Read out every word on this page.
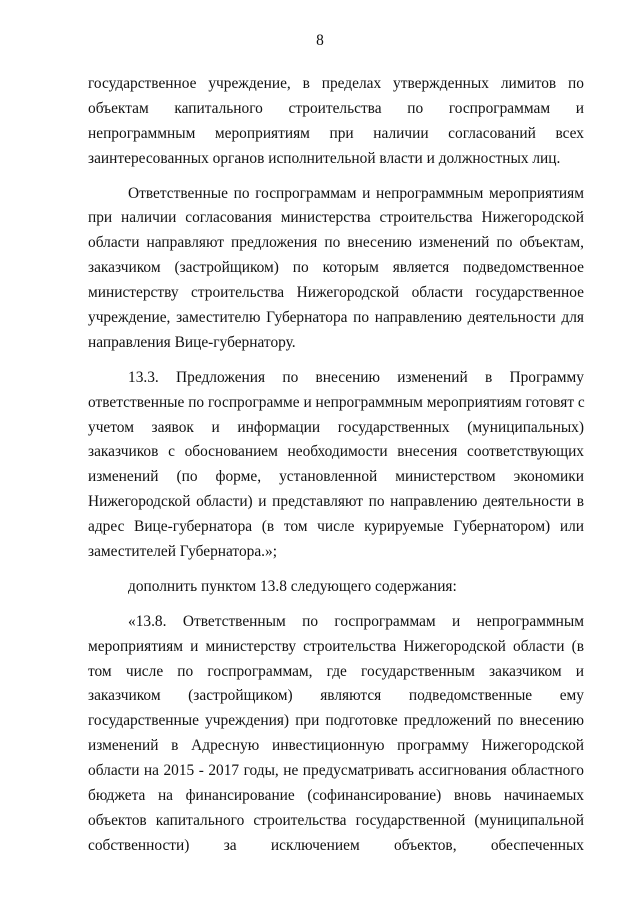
8
государственное учреждение, в пределах утвержденных лимитов по
объектам капитального строительства по госпрограммам и
непрограммным мероприятиям при наличии согласований всех
заинтересованных органов исполнительной власти и должностных лиц.
Ответственные по госпрограммам и непрограммным мероприятиям
при наличии согласования министерства строительства Нижегородской
области направляют предложения по внесению изменений по объектам,
заказчиком (застройщиком) по которым является подведомственное
министерству строительства Нижегородской области государственное
учреждение, заместителю Губернатора по направлению деятельности для
направления Вице-губернатору.
13.3. Предложения по внесению изменений в Программу
ответственные по госпрограмме и непрограммным мероприятиям готовят с
учетом заявок и информации государственных (муниципальных)
заказчиков с обоснованием необходимости внесения соответствующих
изменений (по форме, установленной министерством экономики
Нижегородской области) и представляют по направлению деятельности в
адрес Вице-губернатора (в том числе курируемые Губернатором) или
заместителей Губернатора.»;
дополнить пунктом 13.8 следующего содержания:
«13.8. Ответственным по госпрограммам и непрограммным
мероприятиям и министерству строительства Нижегородской области (в
том числе по госпрограммам, где государственным заказчиком и
заказчиком (застройщиком) являются подведомственные ему
государственные учреждения) при подготовке предложений по внесению
изменений в Адресную инвестиционную программу Нижегородской
области на 2015 - 2017 годы, не предусматривать ассигнования областного
бюджета на финансирование (софинансирование) вновь начинаемых
объектов капитального строительства государственной (муниципальной
собственности) за исключением объектов, обеспеченных
